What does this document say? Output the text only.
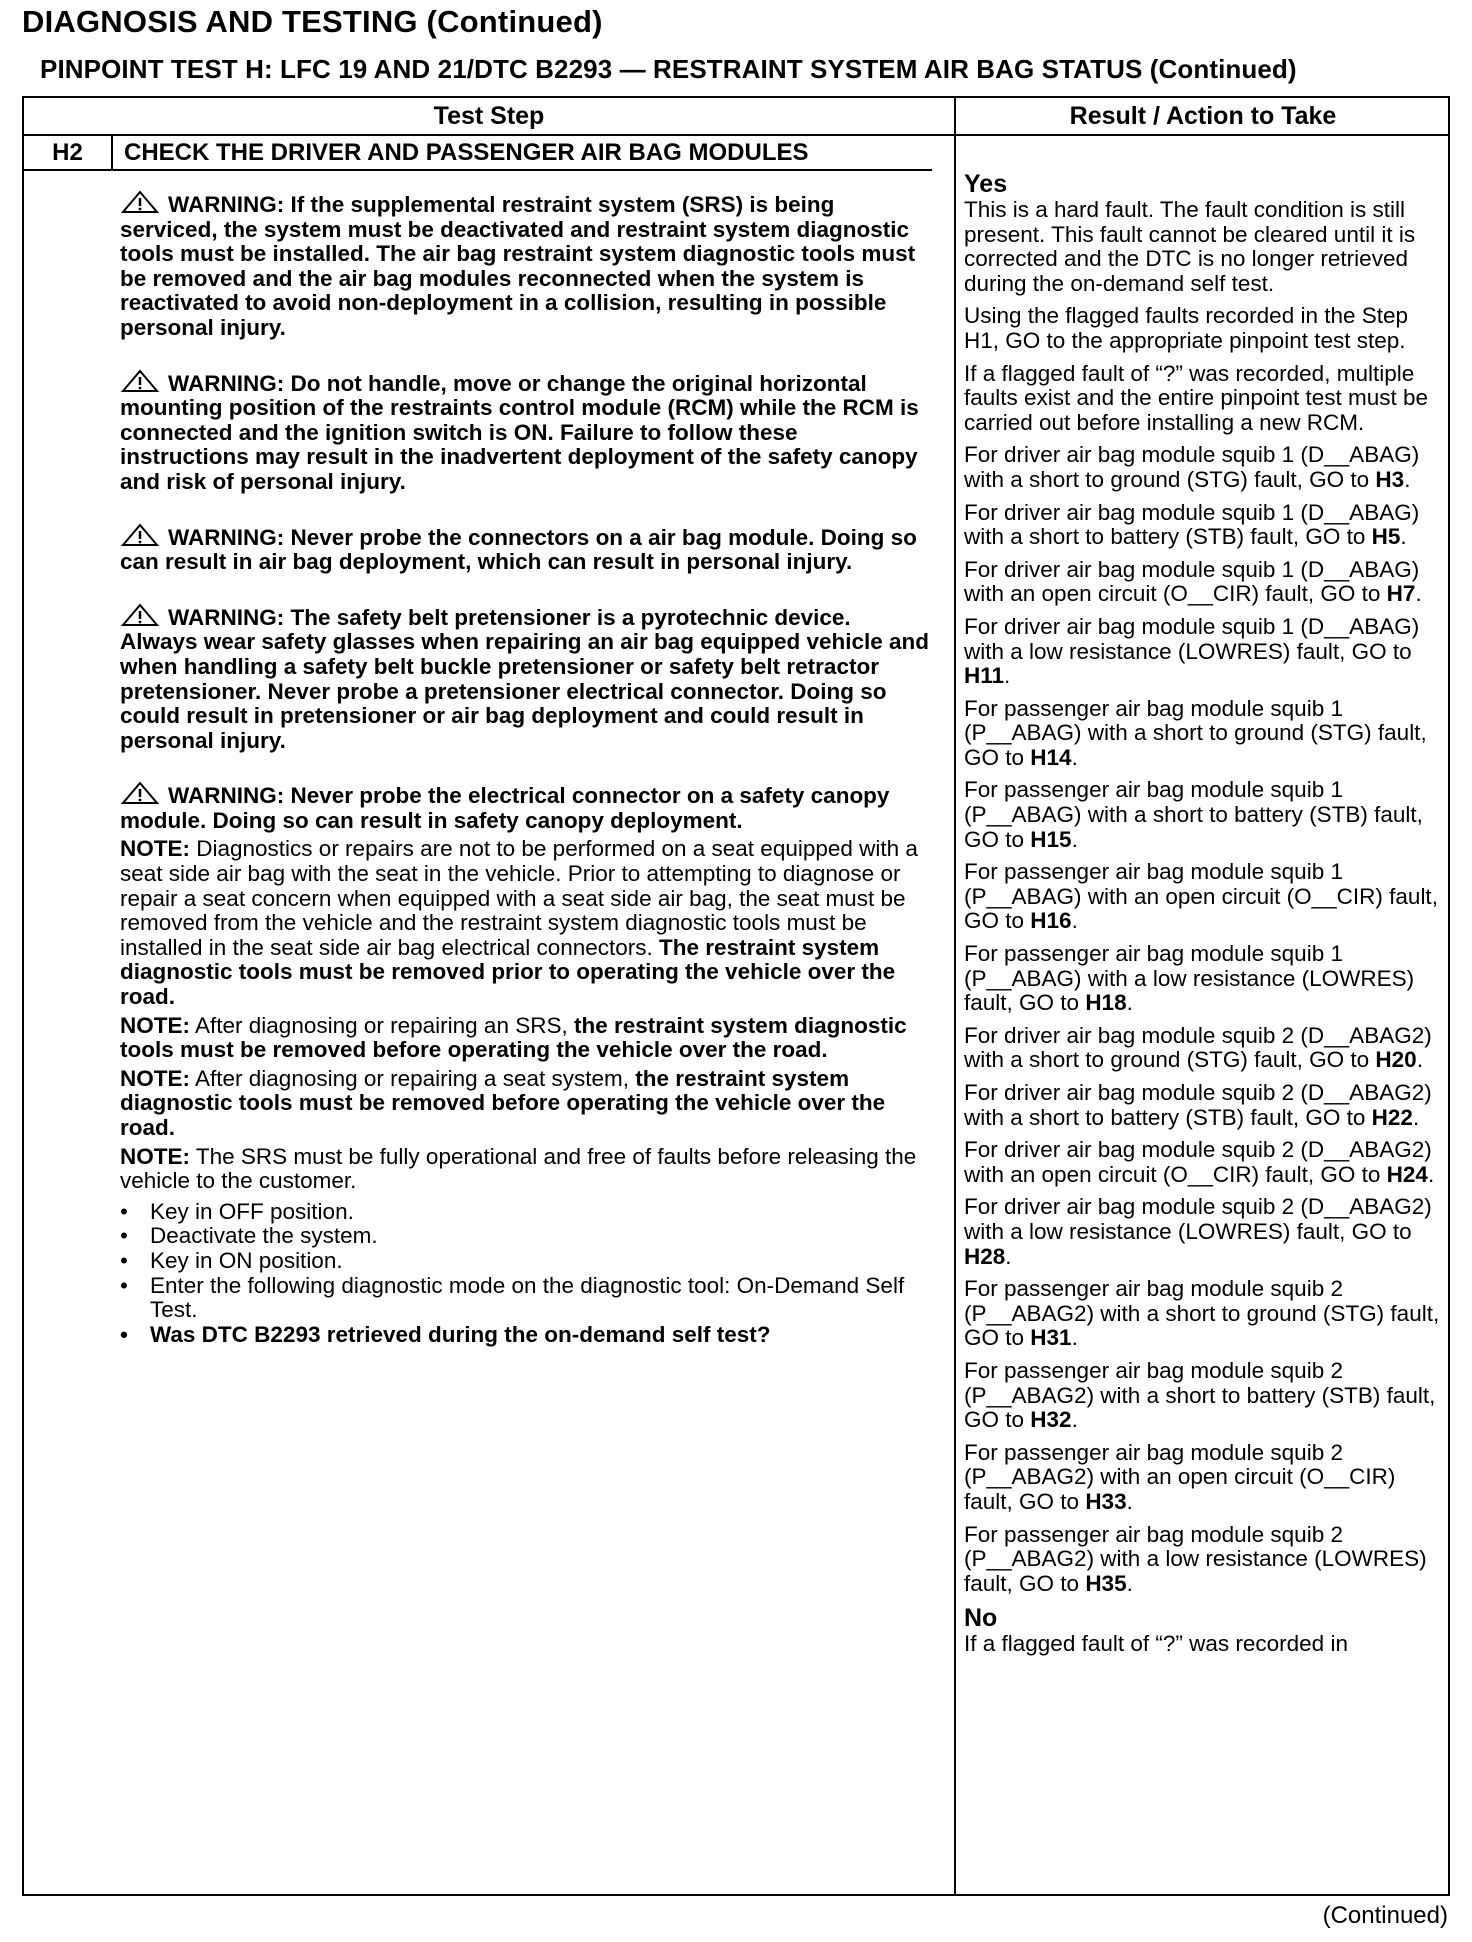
DIAGNOSIS AND TESTING (Continued)
PINPOINT TEST H: LFC 19 AND 21/DTC B2293 — RESTRAINT SYSTEM AIR BAG STATUS (Continued)
Test Step	Result / Action to Take
H2	CHECK THE DRIVER AND PASSENGER AIR BAG MODULES
WARNING: If the supplemental restraint system (SRS) is being serviced, the system must be deactivated and restraint system diagnostic tools must be installed. The air bag restraint system diagnostic tools must be removed and the air bag modules reconnected when the system is reactivated to avoid non-deployment in a collision, resulting in possible personal injury.
WARNING: Do not handle, move or change the original horizontal mounting position of the restraints control module (RCM) while the RCM is connected and the ignition switch is ON. Failure to follow these instructions may result in the inadvertent deployment of the safety canopy and risk of personal injury.
WARNING: Never probe the connectors on a air bag module. Doing so can result in air bag deployment, which can result in personal injury.
WARNING: The safety belt pretensioner is a pyrotechnic device. Always wear safety glasses when repairing an air bag equipped vehicle and when handling a safety belt buckle pretensioner or safety belt retractor pretensioner. Never probe a pretensioner electrical connector. Doing so could result in pretensioner or air bag deployment and could result in personal injury.
WARNING: Never probe the electrical connector on a safety canopy module. Doing so can result in safety canopy deployment.
NOTE: Diagnostics or repairs are not to be performed on a seat equipped with a seat side air bag with the seat in the vehicle. Prior to attempting to diagnose or repair a seat concern when equipped with a seat side air bag, the seat must be removed from the vehicle and the restraint system diagnostic tools must be installed in the seat side air bag electrical connectors. The restraint system diagnostic tools must be removed prior to operating the vehicle over the road.
NOTE: After diagnosing or repairing an SRS, the restraint system diagnostic tools must be removed before operating the vehicle over the road.
NOTE: After diagnosing or repairing a seat system, the restraint system diagnostic tools must be removed before operating the vehicle over the road.
NOTE: The SRS must be fully operational and free of faults before releasing the vehicle to the customer.
• Key in OFF position.
• Deactivate the system.
• Key in ON position.
• Enter the following diagnostic mode on the diagnostic tool: On-Demand Self Test.
• Was DTC B2293 retrieved during the on-demand self test?
Yes
This is a hard fault. The fault condition is still present. This fault cannot be cleared until it is corrected and the DTC is no longer retrieved during the on-demand self test.
Using the flagged faults recorded in the Step H1, GO to the appropriate pinpoint test step.
If a flagged fault of “?” was recorded, multiple faults exist and the entire pinpoint test must be carried out before installing a new RCM.
For driver air bag module squib 1 (D__ABAG) with a short to ground (STG) fault, GO to H3.
For driver air bag module squib 1 (D__ABAG) with a short to battery (STB) fault, GO to H5.
For driver air bag module squib 1 (D__ABAG) with an open circuit (O__CIR) fault, GO to H7.
For driver air bag module squib 1 (D__ABAG) with a low resistance (LOWRES) fault, GO to H11.
For passenger air bag module squib 1 (P__ABAG) with a short to ground (STG) fault, GO to H14.
For passenger air bag module squib 1 (P__ABAG) with a short to battery (STB) fault, GO to H15.
For passenger air bag module squib 1 (P__ABAG) with an open circuit (O__CIR) fault, GO to H16.
For passenger air bag module squib 1 (P__ABAG) with a low resistance (LOWRES) fault, GO to H18.
For driver air bag module squib 2 (D__ABAG2) with a short to ground (STG) fault, GO to H20.
For driver air bag module squib 2 (D__ABAG2) with a short to battery (STB) fault, GO to H22.
For driver air bag module squib 2 (D__ABAG2) with an open circuit (O__CIR) fault, GO to H24.
For driver air bag module squib 2 (D__ABAG2) with a low resistance (LOWRES) fault, GO to H28.
For passenger air bag module squib 2 (P__ABAG2) with a short to ground (STG) fault, GO to H31.
For passenger air bag module squib 2 (P__ABAG2) with a short to battery (STB) fault, GO to H32.
For passenger air bag module squib 2 (P__ABAG2) with an open circuit (O__CIR) fault, GO to H33.
For passenger air bag module squib 2 (P__ABAG2) with a low resistance (LOWRES) fault, GO to H35.
No
If a flagged fault of “?” was recorded in
(Continued)
